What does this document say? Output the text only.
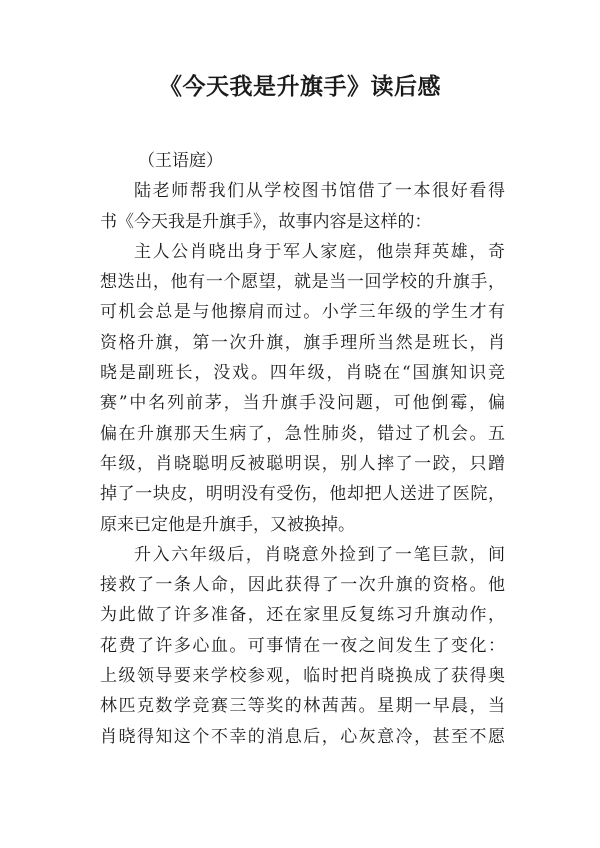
《今天我是升旗手》读后感
（王语庭）
陆老师帮我们从学校图书馆借了一本很好看得
书《今天我是升旗手》，故事内容是这样的：
主人公肖晓出身于军人家庭，他崇拜英雄，奇
想迭出，他有一个愿望，就是当一回学校的升旗手，
可机会总是与他擦肩而过。小学三年级的学生才有
资格升旗，第一次升旗，旗手理所当然是班长，肖
晓是副班长，没戏。四年级，肖晓在“国旗知识竞
赛”中名列前茅，当升旗手没问题，可他倒霉，偏
偏在升旗那天生病了，急性肺炎，错过了机会。五
年级，肖晓聪明反被聪明误，别人摔了一跤，只蹭
掉了一块皮，明明没有受伤，他却把人送进了医院，
原来已定他是升旗手，又被换掉。
升入六年级后，肖晓意外捡到了一笔巨款，间
接救了一条人命，因此获得了一次升旗的资格。他
为此做了许多准备，还在家里反复练习升旗动作，
花费了许多心血。可事情在一夜之间发生了变化：
上级领导要来学校参观，临时把肖晓换成了获得奥
林匹克数学竞赛三等奖的林茜茜。星期一早晨，当
肖晓得知这个不幸的消息后，心灰意冷，甚至不愿
